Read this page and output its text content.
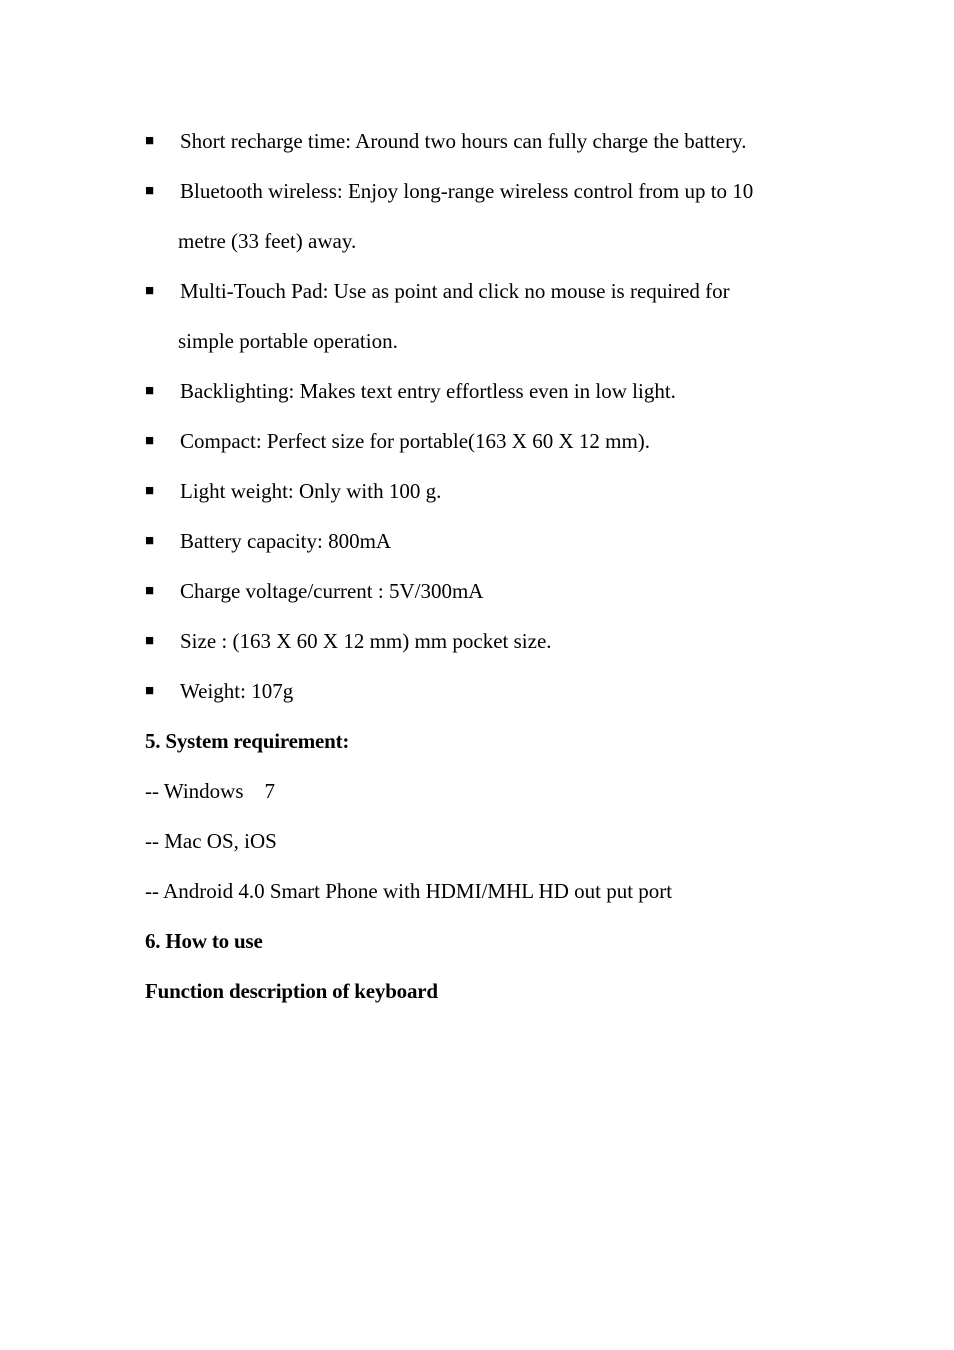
■ Short recharge time: Around two hours can fully charge the battery.
■ Bluetooth wireless: Enjoy long-range wireless control from up to 10
metre (33 feet) away.
■ Multi-Touch Pad: Use as point and click no mouse is required for
simple portable operation.
■ Backlighting: Makes text entry effortless even in low light.
■ Compact: Perfect size for portable(163 X 60 X 12 mm).
■ Light weight: Only with 100 g.
■ Battery capacity: 800mA
■ Charge voltage/current : 5V/300mA
■ Size : (163 X 60 X 12 mm) mm pocket size.
■ Weight: 107g
5. System requirement:
-- Windows    7
-- Mac OS, iOS
-- Android 4.0 Smart Phone with HDMI/MHL HD out put port
6. How to use
Function description of keyboard
